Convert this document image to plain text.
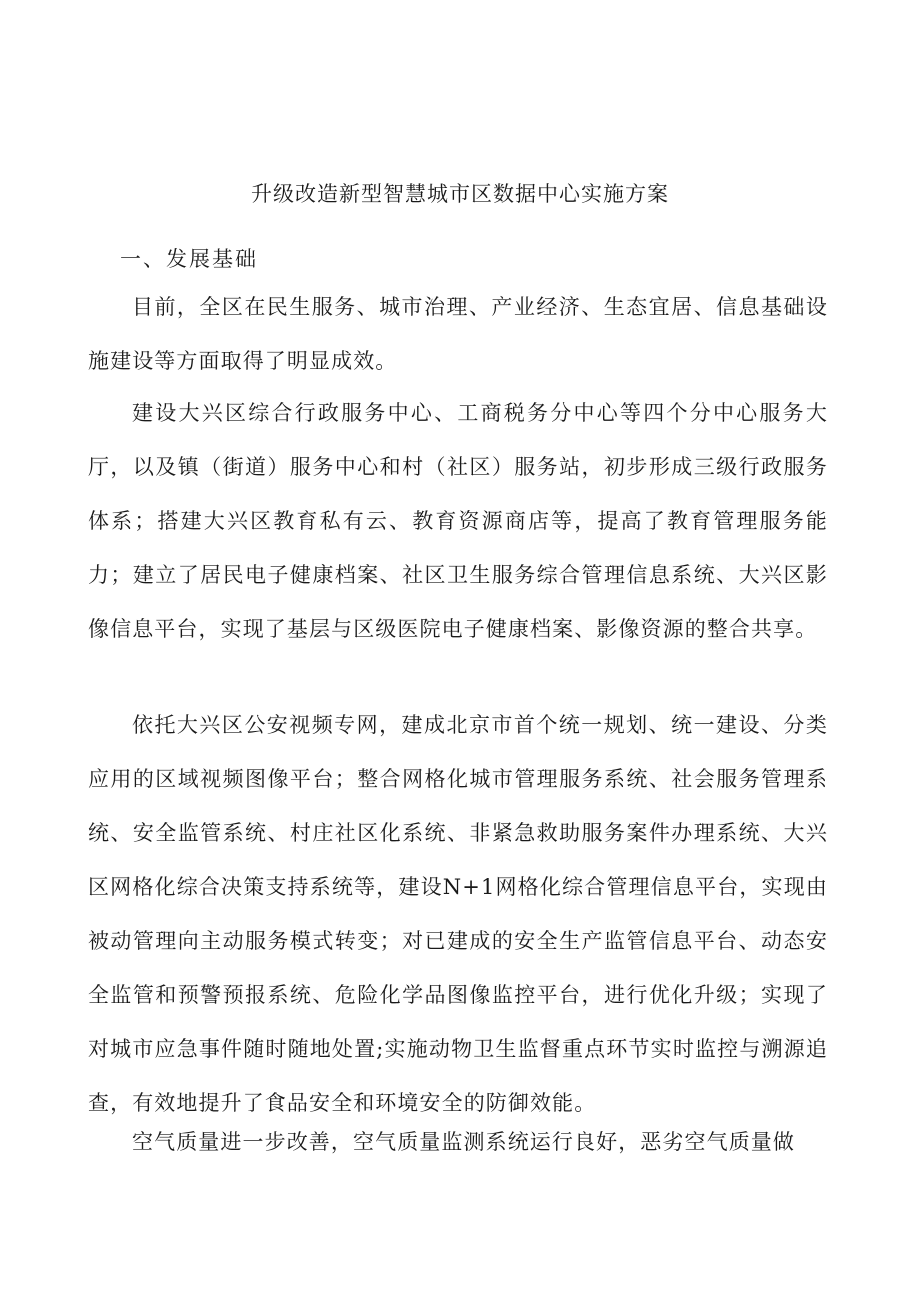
升级改造新型智慧城市区数据中心实施方案
一、发展基础

目前，全区在民生服务、城市治理、产业经济、生态宜居、信息基础设施建设等方面取得了明显成效。

建设大兴区综合行政服务中心、工商税务分中心等四个分中心服务大厅，以及镇（街道）服务中心和村（社区）服务站，初步形成三级行政服务体系；搭建大兴区教育私有云、教育资源商店等，提高了教育管理服务能力；建立了居民电子健康档案、社区卫生服务综合管理信息系统、大兴区影像信息平台，实现了基层与区级医院电子健康档案、影像资源的整合共享。

依托大兴区公安视频专网，建成北京市首个统一规划、统一建设、分类应用的区域视频图像平台；整合网格化城市管理服务系统、社会服务管理系统、安全监管系统、村庄社区化系统、非紧急救助服务案件办理系统、大兴区网格化综合决策支持系统等，建设N+1网格化综合管理信息平台，实现由被动管理向主动服务模式转变；对已建成的安全生产监管信息平台、动态安全监管和预警预报系统、危险化学品图像监控平台，进行优化升级；实现了对城市应急事件随时随地处置;实施动物卫生监督重点环节实时监控与溯源追查，有效地提升了食品安全和环境安全的防御效能。

空气质量进一步改善，空气质量监测系统运行良好，恶劣空气质量做
